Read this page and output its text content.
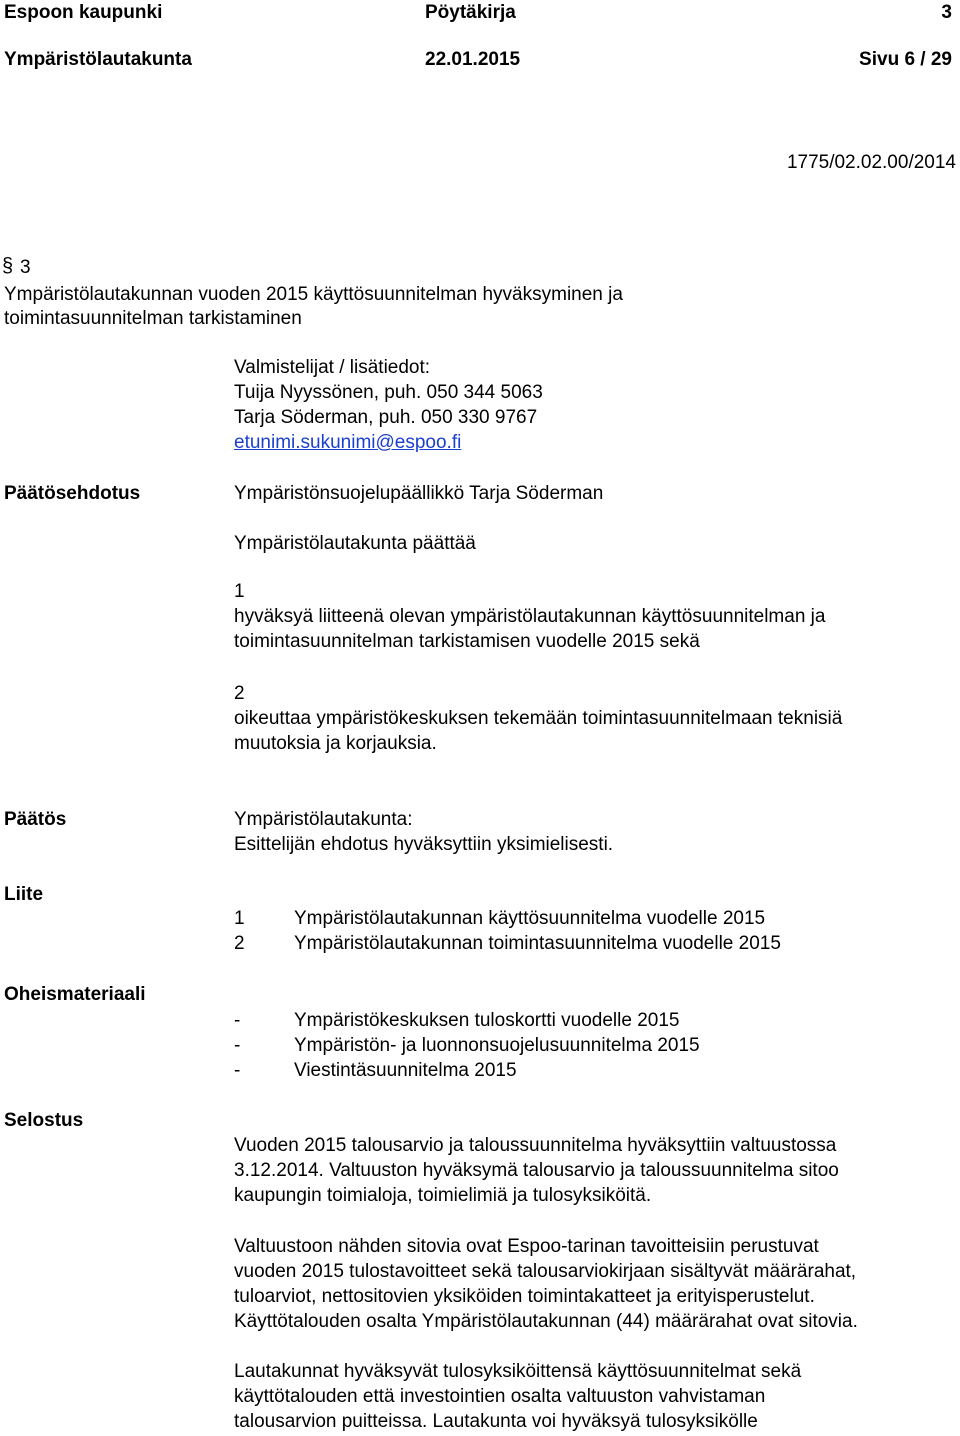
Espoon kaupunki	Pöytäkirja	3
Ympäristölautakunta	22.01.2015	Sivu 6 / 29
1775/02.02.00/2014
§ 3
Ympäristölautakunnan vuoden 2015 käyttösuunnitelman hyväksyminen ja
toimintasuunnitelman tarkistaminen
Valmistelijat / lisätiedot:
Tuija Nyyssönen, puh. 050 344 5063
Tarja Söderman, puh. 050 330 9767
etunimi.sukunimi@espoo.fi
Päätösehdotus	Ympäristönsuojelupäällikkö Tarja Söderman
Ympäristölautakunta päättää
1
hyväksyä liitteenä olevan ympäristölautakunnan käyttösuunnitelman ja
toimintasuunnitelman tarkistamisen vuodelle 2015 sekä
2
oikeuttaa ympäristökeskuksen tekemään toimintasuunnitelmaan teknisiä
muutoksia ja korjauksia.
Päätös	Ympäristölautakunta:
Esittelijän ehdotus hyväksyttiin yksimielisesti.
Liite
1	Ympäristölautakunnan käyttösuunnitelma vuodelle 2015
2	Ympäristölautakunnan toimintasuunnitelma vuodelle 2015
Oheismateriaali
-	Ympäristökeskuksen tuloskortti vuodelle 2015
-	Ympäristön- ja luonnonsuojelusuunnitelma 2015
-	Viestintäsuunnitelma 2015
Selostus
Vuoden 2015 talousarvio ja taloussuunnitelma hyväksyttiin valtuustossa
3.12.2014. Valtuuston hyväksymä talousarvio ja taloussuunnitelma sitoo
kaupungin toimialoja, toimielimiä ja tulosyksiköitä.
Valtuustoon nähden sitovia ovat Espoo-tarinan tavoitteisiin perustuvat
vuoden 2015 tulostavoitteet sekä talousarviokirjaan sisältyvät määrärahat,
tuloarviot, nettositovien yksiköiden toimintakatteet ja erityisperustelut.
Käyttötalouden osalta Ympäristölautakunnan (44) määrärahat ovat sitovia.
Lautakunnat hyväksyvät tulosyksiköittensä käyttösuunnitelmat sekä
käyttötalouden että investointien osalta valtuuston vahvistaman
talousarvion puitteissa. Lautakunta voi hyväksyä tulosyksikölle
